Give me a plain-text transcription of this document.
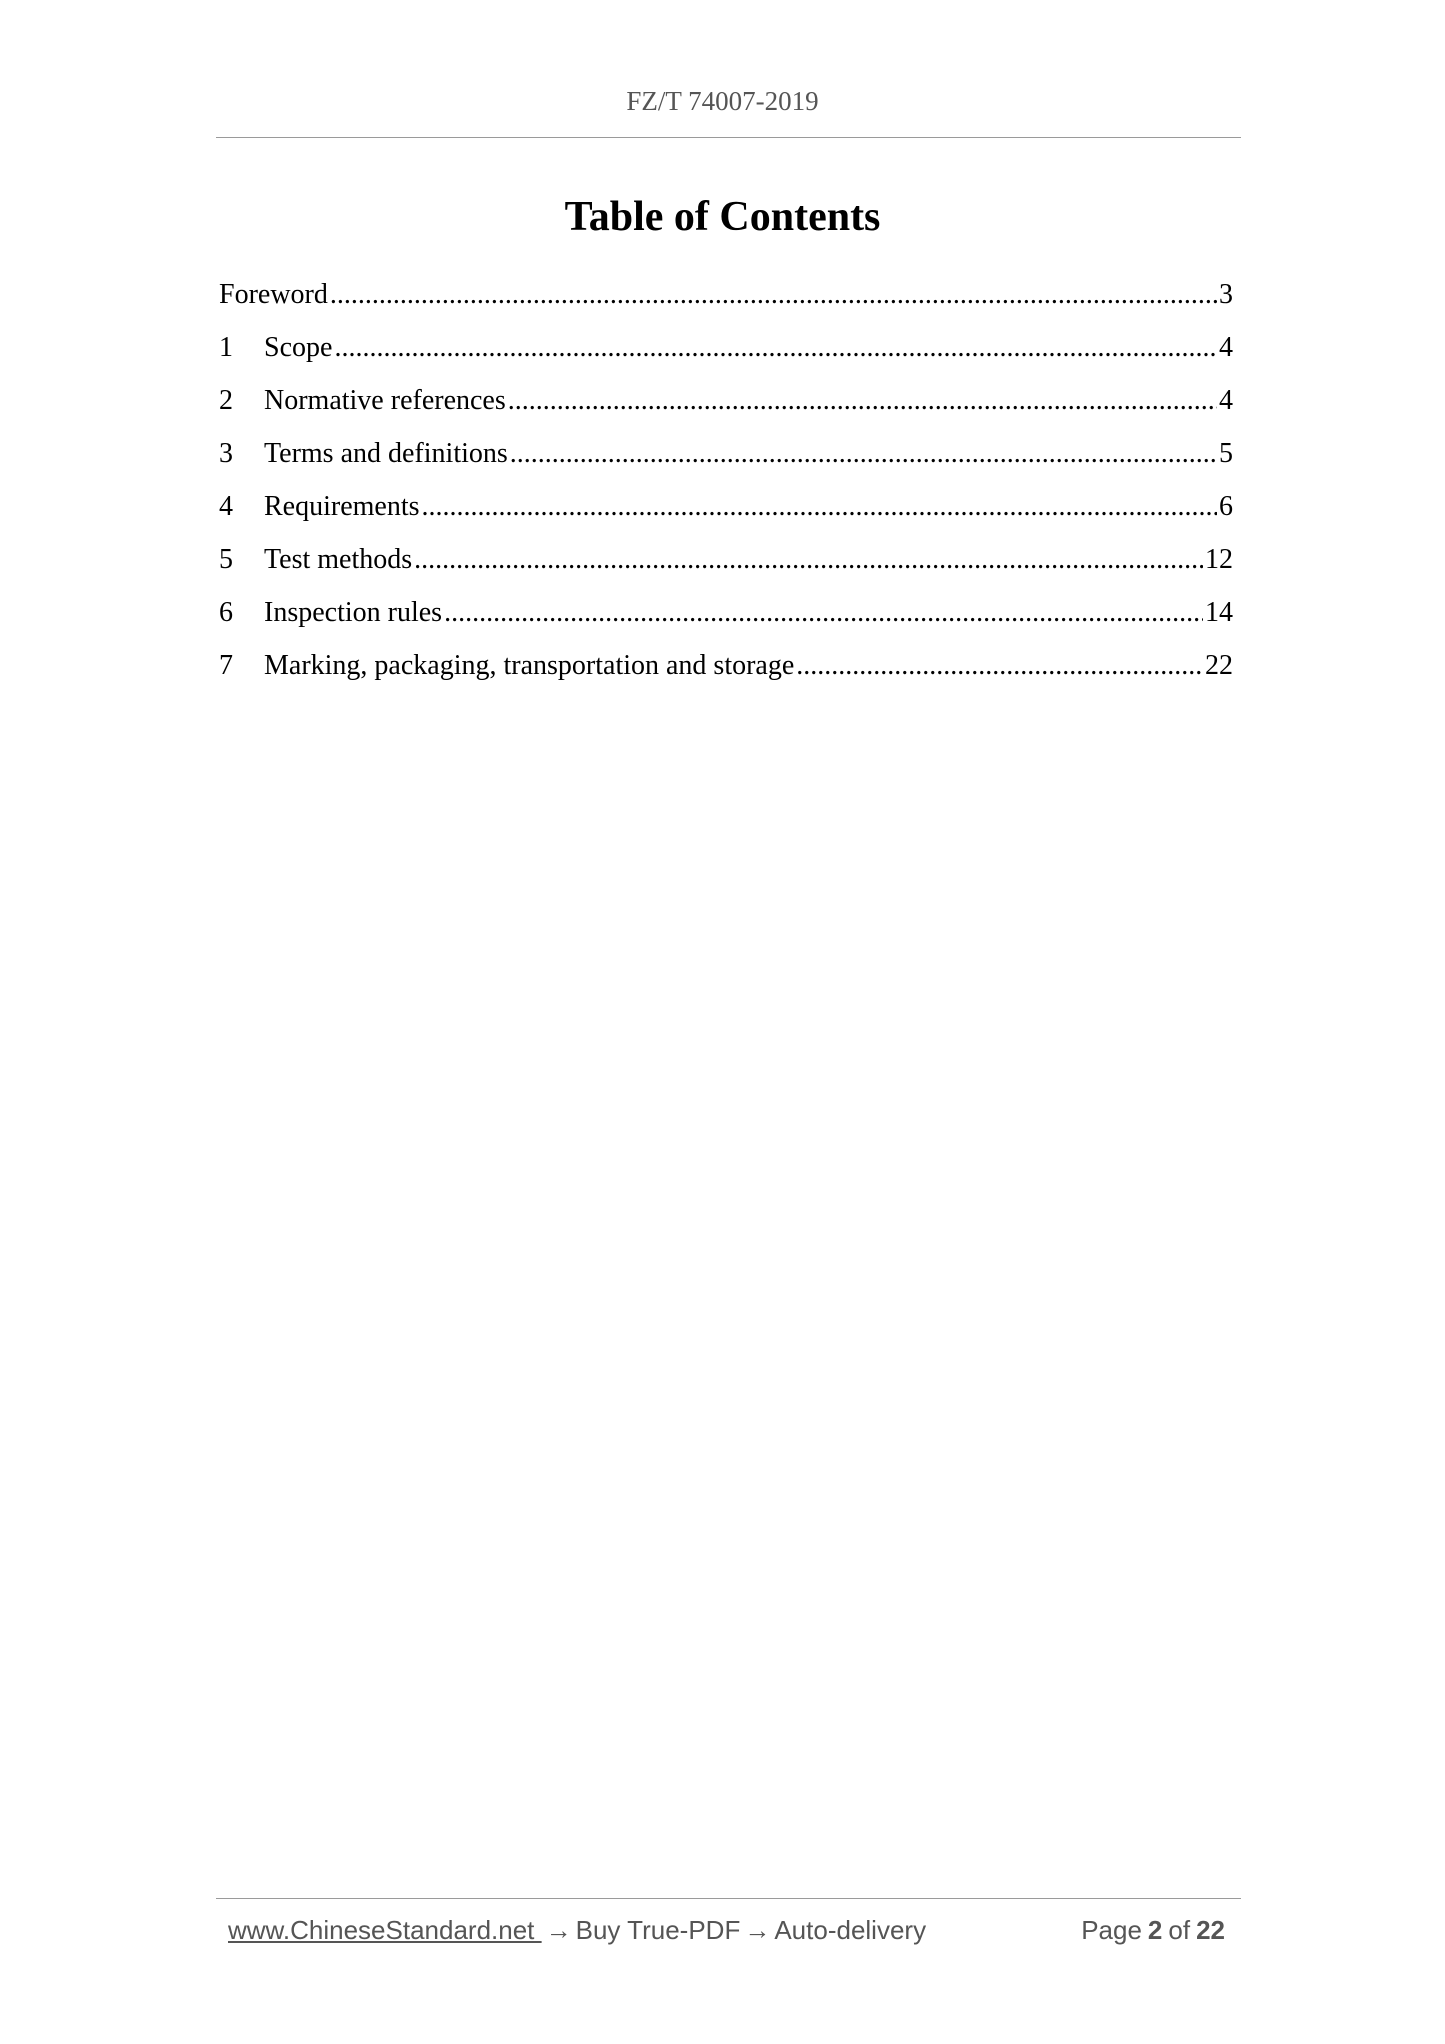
FZ/T 74007-2019
Table of Contents
Foreword .....	3
1	Scope .....	4
2	Normative references .....	4
3	Terms and definitions .....	5
4	Requirements .....	6
5	Test methods .....	12
6	Inspection rules .....	14
7	Marking, packaging, transportation and storage .....	22
www.ChineseStandard.net → Buy True-PDF → Auto-delivery	Page 2 of 22
